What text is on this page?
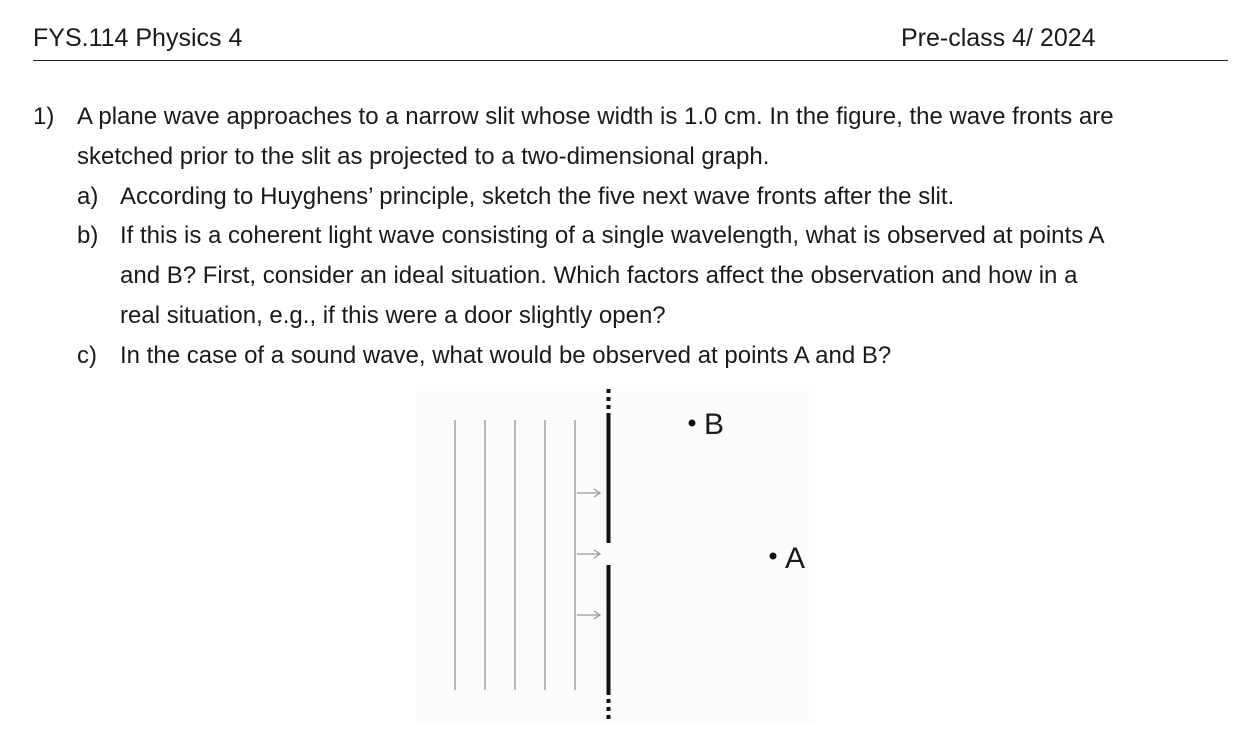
FYS.114 Physics 4	Pre-class 4/ 2024
1) A plane wave approaches to a narrow slit whose width is 1.0 cm. In the figure, the wave fronts are
sketched prior to the slit as projected to a two-dimensional graph.
a) According to Huyghens’ principle, sketch the five next wave fronts after the slit.
b) If this is a coherent light wave consisting of a single wavelength, what is observed at points A
and B? First, consider an ideal situation. Which factors affect the observation and how in a
real situation, e.g., if this were a door slightly open?
c) In the case of a sound wave, what would be observed at points A and B?
B
A
